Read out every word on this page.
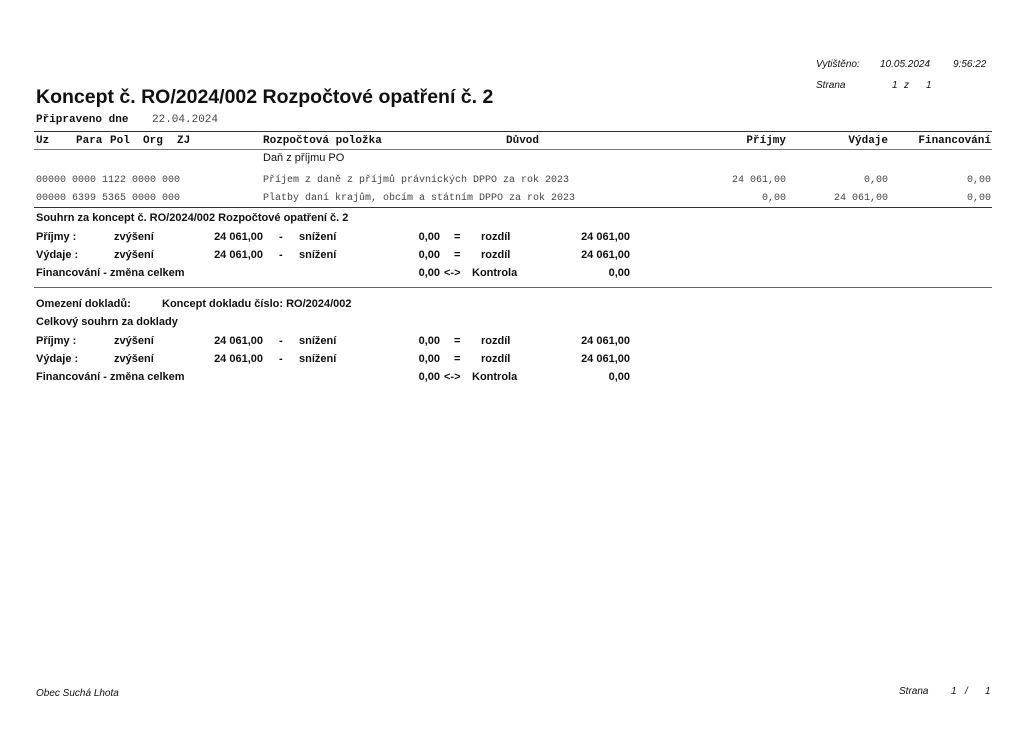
Vytištěno: 10.05.2024 9:56:22
Strana	1 z 1
Koncept č. RO/2024/002 Rozpočtové opatření č. 2
Připraveno dne 22.04.2024
Uz Para Pol Org ZJ	Rozpočtová položka	Důvod	Příjmy	Výdaje	Financování
Daň z příjmu PO
00000 0000 1122 0000 000	Příjem z daně z příjmů právnických DPPO za rok 2023	24 061,00	0,00	0,00
00000 6399 5365 0000 000	Platby daní krajům, obcím a státním DPPO za rok 2023	0,00	24 061,00	0,00
Souhrn za koncept č. RO/2024/002 Rozpočtové opatření č. 2
Příjmy :	zvýšení	24 061,00 - snížení	0,00 = rozdíl	24 061,00
Výdaje :	zvýšení	24 061,00 - snížení	0,00 = rozdíl	24 061,00
Financování - změna celkem	0,00 <-> Kontrola	0,00
Omezení dokladů:	Koncept dokladu číslo: RO/2024/002
Celkový souhrn za doklady
Příjmy :	zvýšení	24 061,00 - snížení	0,00 = rozdíl	24 061,00
Výdaje :	zvýšení	24 061,00 - snížení	0,00 = rozdíl	24 061,00
Financování - změna celkem	0,00 <-> Kontrola	0,00
Obec Suchá Lhota	Strana 1 / 1
